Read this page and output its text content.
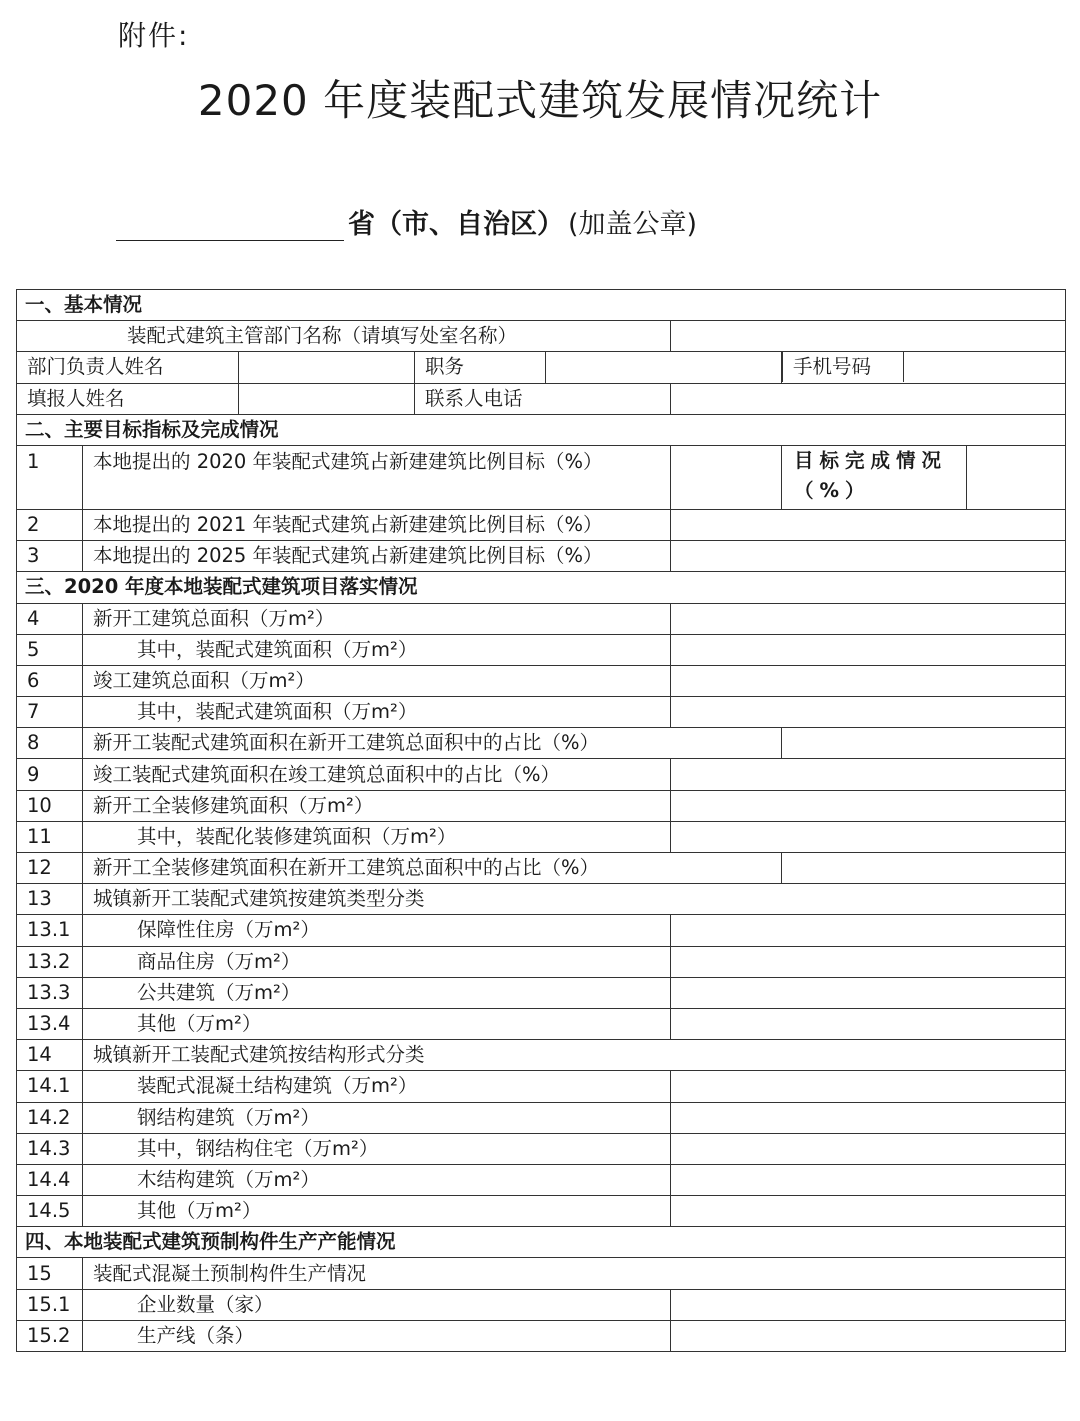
附件:
2020 年度装配式建筑发展情况统计
省（市、自治区） (加盖公章)
一、基本情况							
装配式建筑主管部门名称（请填写处室名称）							
部门负责人姓名			职务			手机号码	

填报人姓名			联系人电话				
二、主要目标指标及完成情况							
1	本地提出的 2020 年装配式建筑占新建建筑比例目标（%）					目标完成情况（%）	
2	本地提出的 2021 年装配式建筑占新建建筑比例目标（%）						
3	本地提出的 2025 年装配式建筑占新建建筑比例目标（%）						
三、2020 年度本地装配式建筑项目落实情况							
4	新开工建筑总面积（万m²）						
5	其中，装配式建筑面积（万m²）						
6	竣工建筑总面积（万m²）						
7	其中，装配式建筑面积（万m²）						
8	新开工装配式建筑面积在新开工建筑总面积中的占比（%）						
9	竣工装配式建筑面积在竣工建筑总面积中的占比（%）						
10	新开工全装修建筑面积（万m²）						
11	其中，装配化装修建筑面积（万m²）						
12	新开工全装修建筑面积在新开工建筑总面积中的占比（%）						
13	城镇新开工装配式建筑按建筑类型分类						
13.1	保障性住房（万m²）						
13.2	商品住房（万m²）						
13.3	公共建筑（万m²）						
13.4	其他（万m²）						
14	城镇新开工装配式建筑按结构形式分类						
14.1	装配式混凝土结构建筑（万m²）						
14.2	钢结构建筑（万m²）						
14.3	其中，钢结构住宅（万m²）						
14.4	木结构建筑（万m²）						
14.5	其他（万m²）						
四、本地装配式建筑预制构件生产产能情况							
15	装配式混凝土预制构件生产情况						
15.1	企业数量（家）						
15.2	生产线（条）						
